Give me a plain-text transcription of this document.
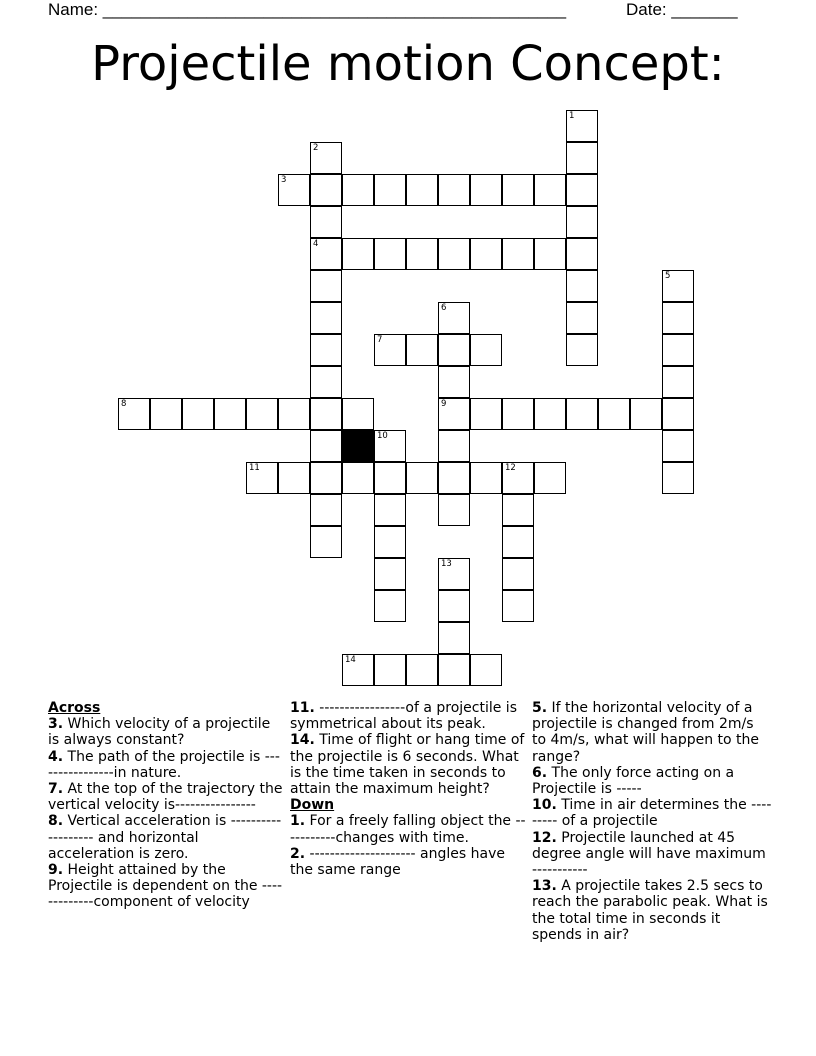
Name: _________________________________________________	Date: _______
Projectile motion Concept:
3
4
7
8	9
11	12
14
1
2
5
6
10
13
Across
3. Which velocity of a projectile is always constant?
4. The path of the projectile is ----------------in nature.
7. At the top of the trajectory the vertical velocity is----------------
8. Vertical acceleration is ------------------- and horizontal acceleration is zero.
9. Height attained by the Projectile is dependent on the -------------component of velocity
11. -----------------of a projectile is symmetrical about its peak.
14. Time of flight or hang time of the projectile is 6 seconds. What is the time taken in seconds to attain the maximum height?
Down
1. For a freely falling object the -----------changes with time.
2. --------------------- angles have the same range
5. If the horizontal velocity of a projectile is changed from 2m/s to 4m/s, what will happen to the range?
6. The only force acting on a Projectile is -----
10. Time in air determines the --------- of a projectile
12. Projectile launched at 45 degree angle will have maximum -----------
13. A projectile takes 2.5 secs to reach the parabolic peak. What is the total time in seconds it spends in air?
